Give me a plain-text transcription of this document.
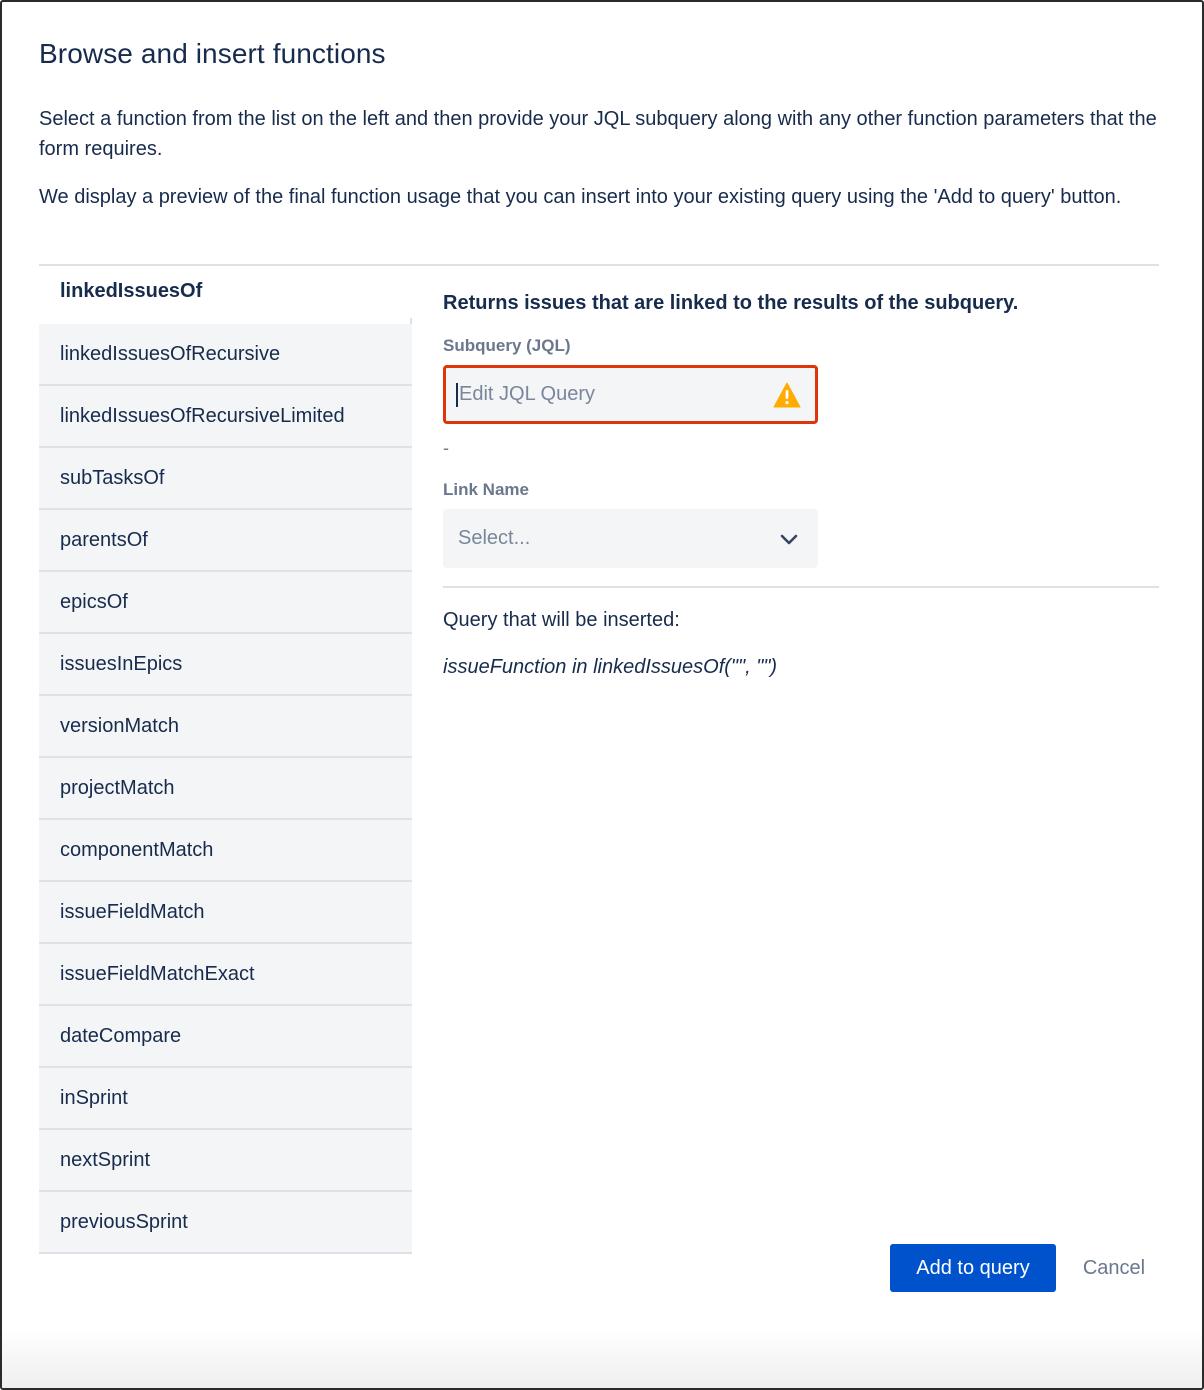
Browse and insert functions

Select a function from the list on the left and then provide your JQL subquery along with any other function parameters that the form requires.

We display a preview of the final function usage that you can insert into your existing query using the 'Add to query' button.

linkedIssuesOf
linkedIssuesOfRecursive
linkedIssuesOfRecursiveLimited
subTasksOf
parentsOf
epicsOf
issuesInEpics
versionMatch
projectMatch
componentMatch
issueFieldMatch
issueFieldMatchExact
dateCompare
inSprint
nextSprint
previousSprint
Returns issues that are linked to the results of the subquery.
Subquery (JQL)
Edit JQL Query
-
Link Name
Select...
Query that will be inserted:
issueFunction in linkedIssuesOf("", "")
Add to query	Cancel
